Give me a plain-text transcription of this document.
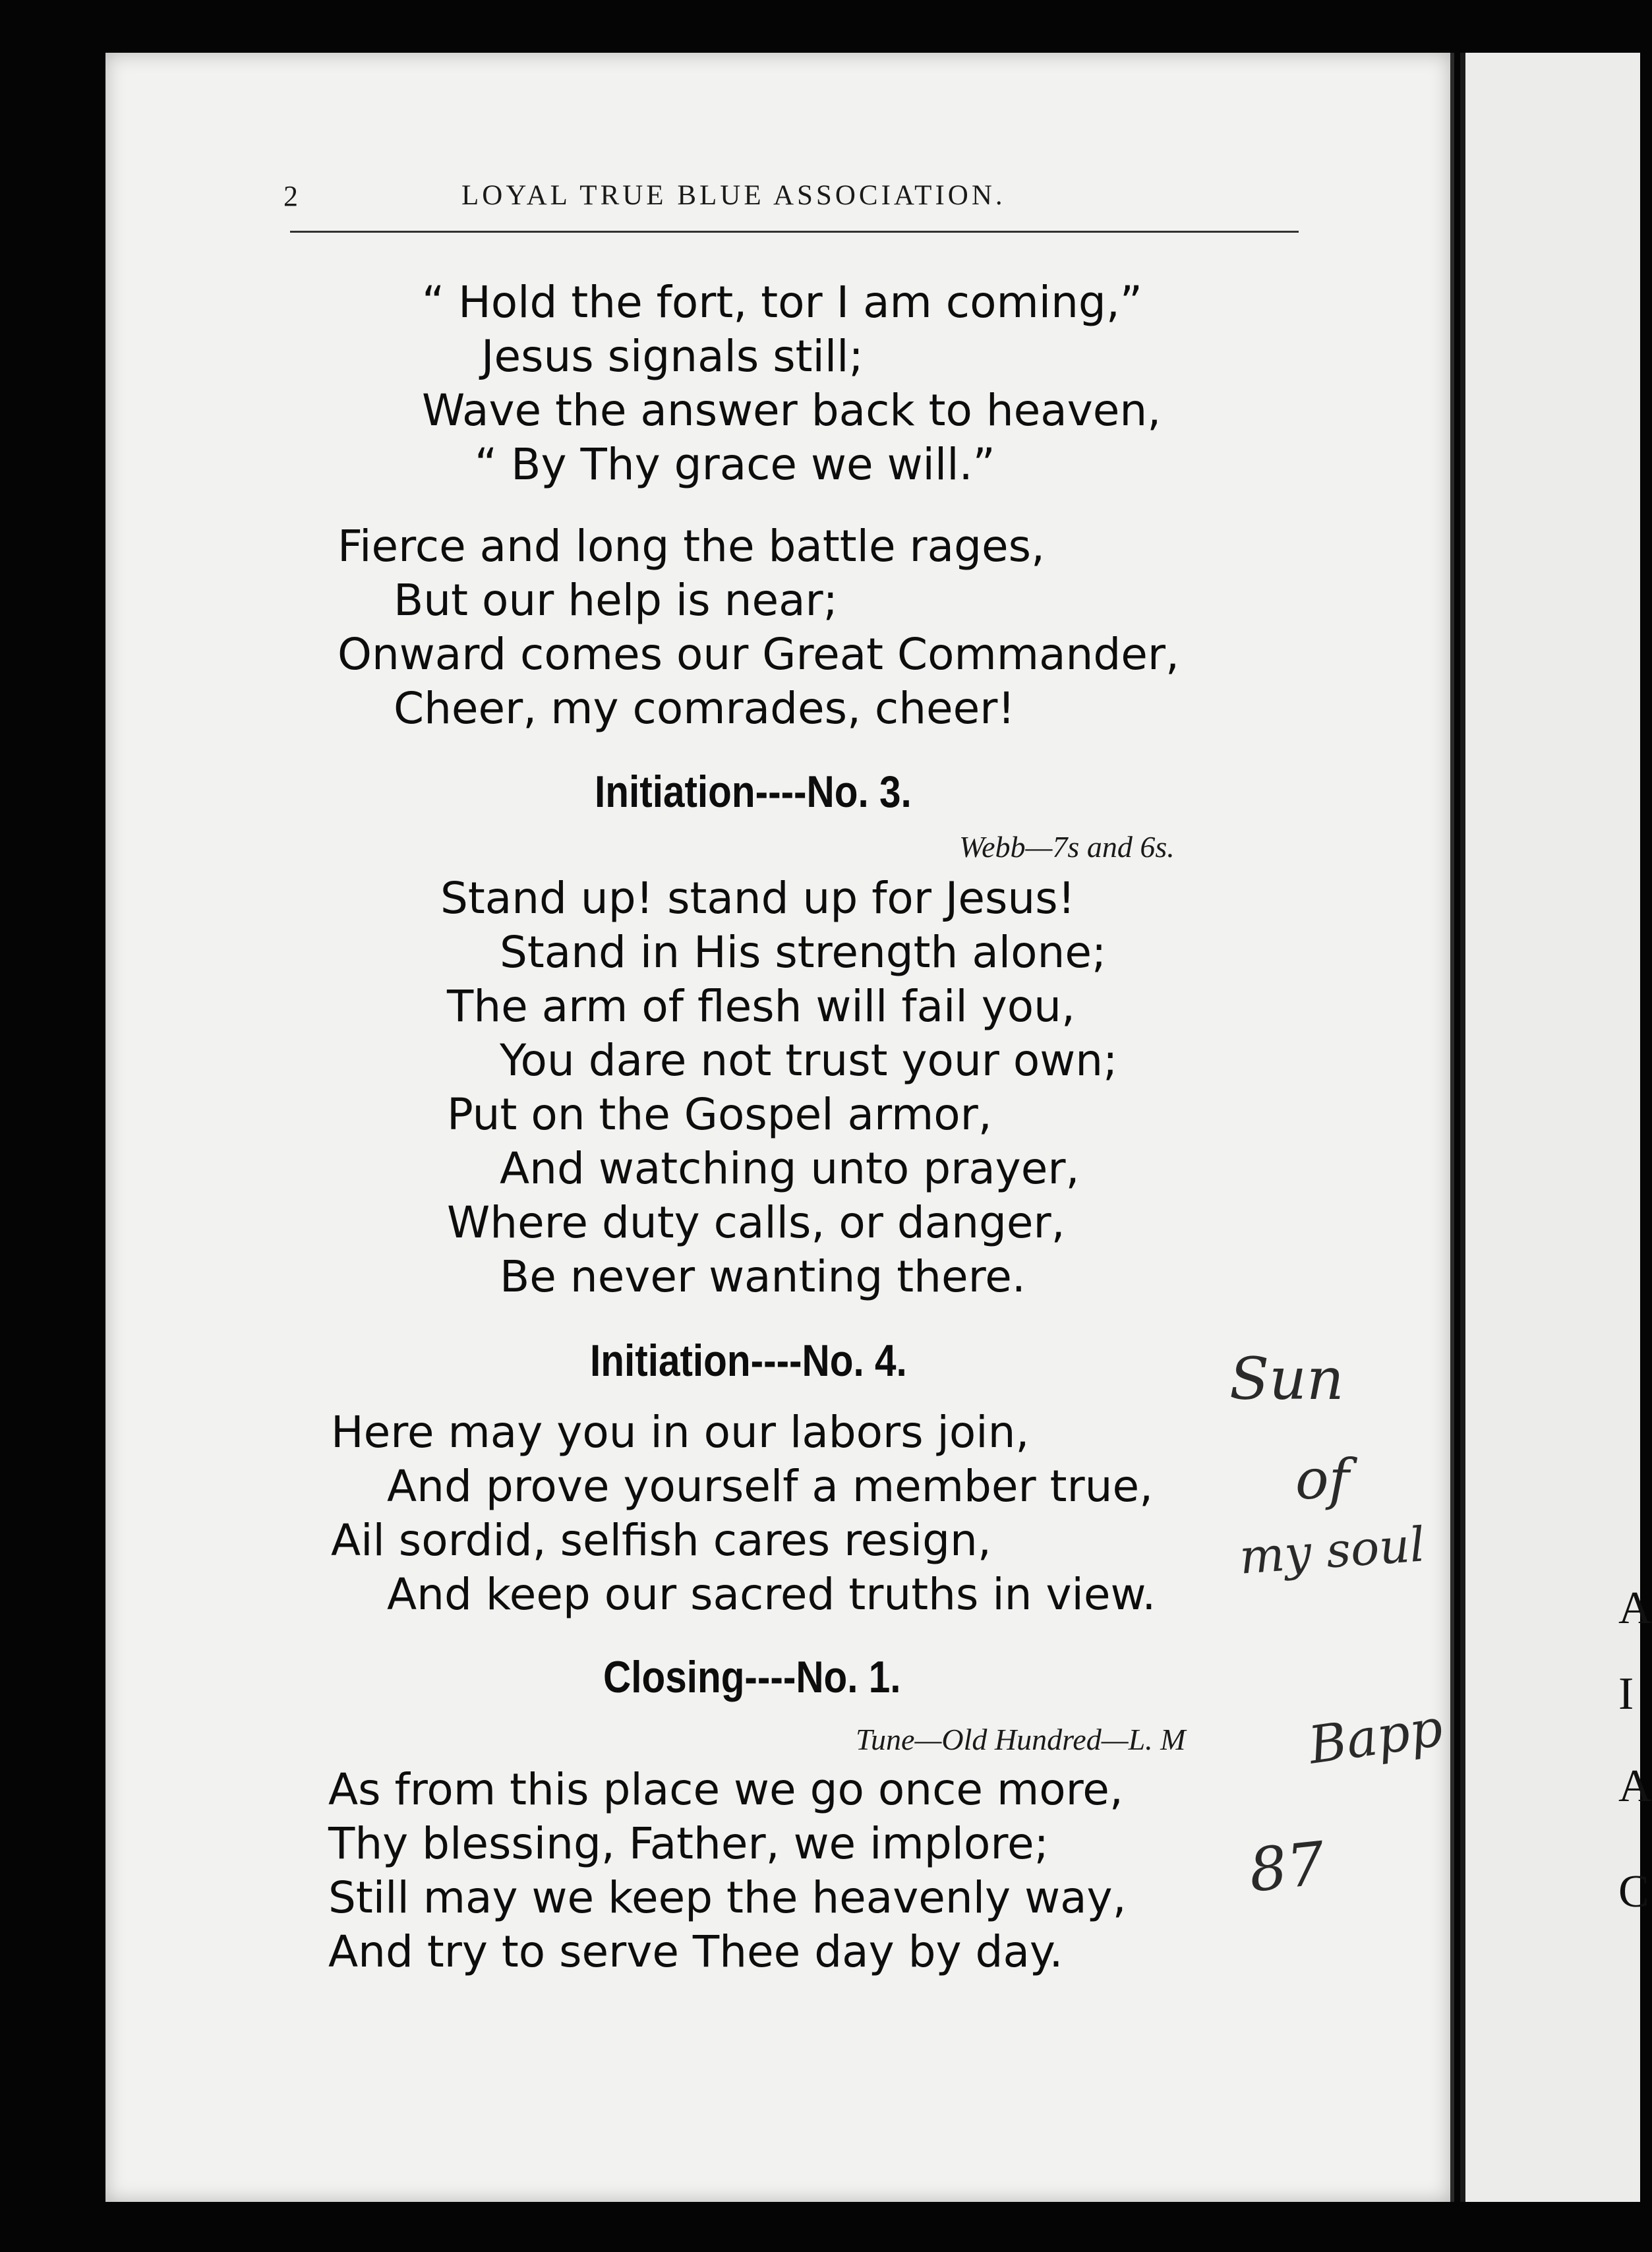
A
I
A
C
2	LOYAL TRUE BLUE ASSOCIATION.
“ Hold the fort, tor I am coming,”
Jesus signals still;
Wave the answer back to heaven,
“ By Thy grace we will.”
Fierce and long the battle rages,
But our help is near;
Onward comes our Great Commander,
Cheer, my comrades, cheer!
Initiation----No. 3.
Webb—7s and 6s.
Stand up! stand up for Jesus!
Stand in His strength alone;
The arm of flesh will fail you,
You dare not trust your own;
Put on the Gospel armor,
And watching unto prayer,
Where duty calls, or danger,
Be never wanting there.
Initiation----No. 4.
Here may you in our labors join,
And prove yourself a member true,
Ail sordid, selfish cares resign,
And keep our sacred truths in view.
Closing----No. 1.
Tune—Old Hundred—L. M
As from this place we go once more,
Thy blessing, Father, we implore;
Still may we keep the heavenly way,
And try to serve Thee day by day.
Sun
of
my soul
Bapp
87
